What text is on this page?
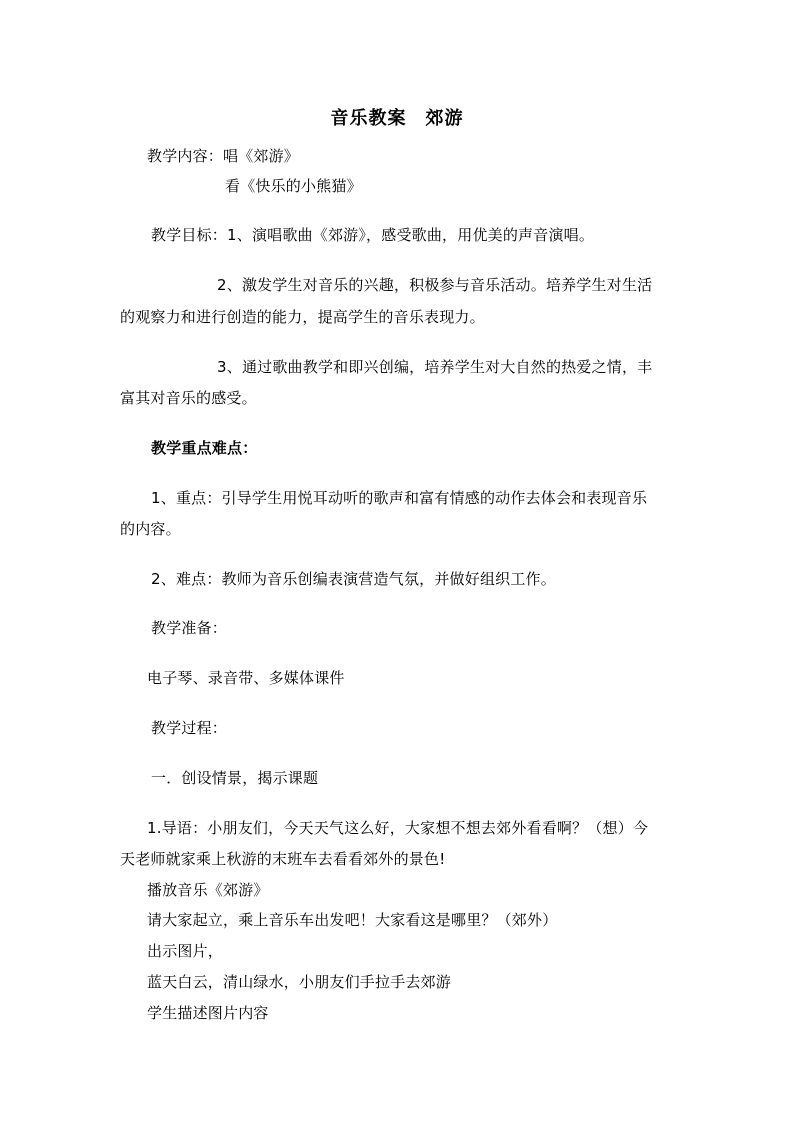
音乐教案　郊游
教学内容：唱《郊游》
看《快乐的小熊猫》
教学目标：1、演唱歌曲《郊游》，感受歌曲，用优美的声音演唱。
2、激发学生对音乐的兴趣，积极参与音乐活动。培养学生对生活
的观察力和进行创造的能力，提高学生的音乐表现力。
3、通过歌曲教学和即兴创编，培养学生对大自然的热爱之情，丰
富其对音乐的感受。
教学重点难点：
1、重点：引导学生用悦耳动听的歌声和富有情感的动作去体会和表现音乐
的内容。
2、难点：教师为音乐创编表演营造气氛，并做好组织工作。
教学准备：
电子琴、录音带、多媒体课件
教学过程：
一．创设情景，揭示课题
1.导语：小朋友们，今天天气这么好，大家想不想去郊外看看啊？（想）今
天老师就家乘上秋游的末班车去看看郊外的景色!
播放音乐《郊游》
请大家起立，乘上音乐车出发吧！大家看这是哪里？（郊外）
出示图片，
蓝天白云，清山绿水，小朋友们手拉手去郊游
学生描述图片内容
